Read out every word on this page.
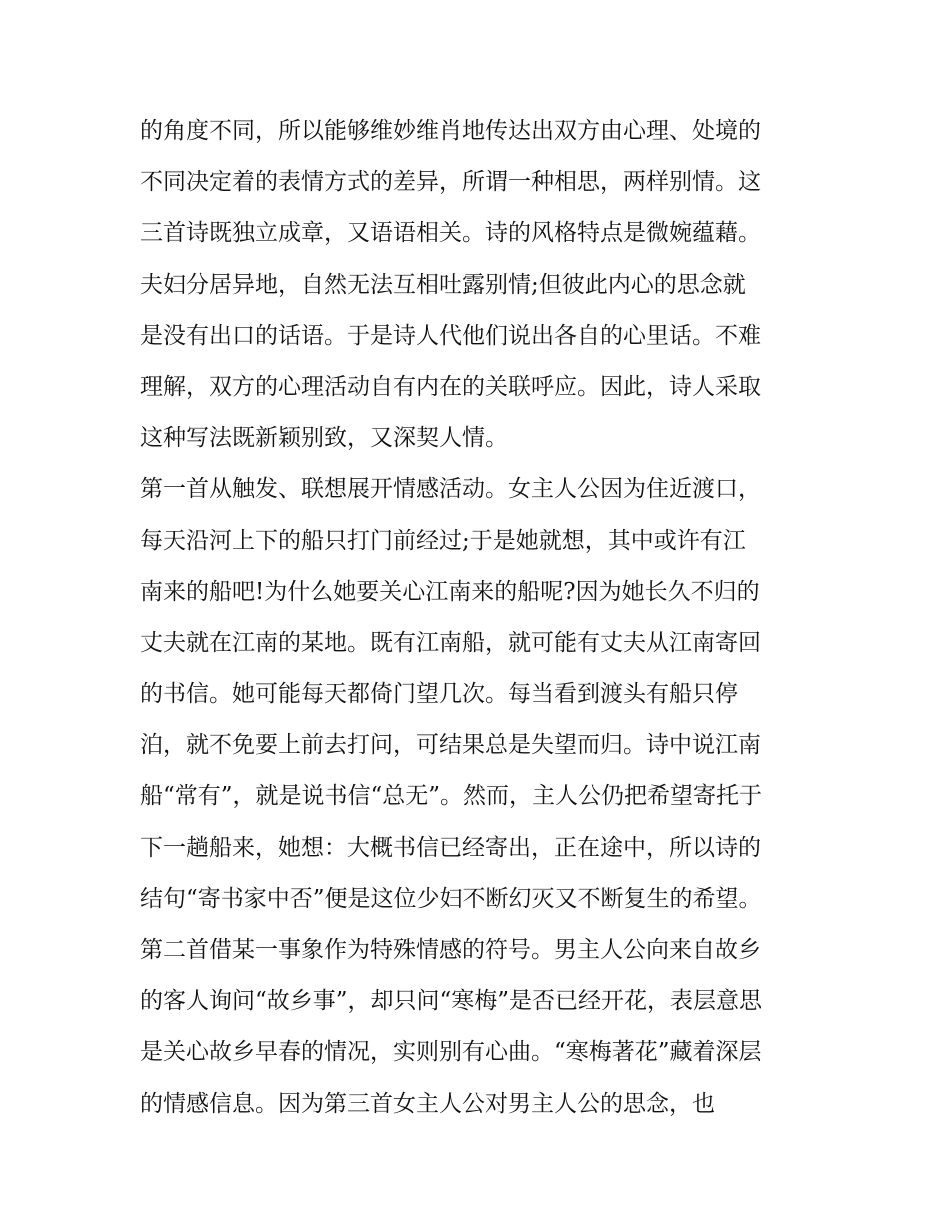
的角度不同，所以能够维妙维肖地传达出双方由心理、处境的
不同决定着的表情方式的差异，所谓一种相思，两样别情。这
三首诗既独立成章，又语语相关。诗的风格特点是微婉蕴藉。
夫妇分居异地，自然无法互相吐露别情;但彼此内心的思念就
是没有出口的话语。于是诗人代他们说出各自的心里话。不难
理解，双方的心理活动自有内在的关联呼应。因此，诗人采取
这种写法既新颖别致，又深契人情。
第一首从触发、联想展开情感活动。女主人公因为住近渡口，
每天沿河上下的船只打门前经过;于是她就想，其中或许有江
南来的船吧!为什么她要关心江南来的船呢?因为她长久不归的
丈夫就在江南的某地。既有江南船，就可能有丈夫从江南寄回
的书信。她可能每天都倚门望几次。每当看到渡头有船只停
泊，就不免要上前去打问，可结果总是失望而归。诗中说江南
船“常有”，就是说书信“总无”。然而，主人公仍把希望寄托于
下一趟船来，她想：大概书信已经寄出，正在途中，所以诗的
结句“寄书家中否”便是这位少妇不断幻灭又不断复生的希望。
第二首借某一事象作为特殊情感的符号。男主人公向来自故乡
的客人询问“故乡事”，却只问“寒梅”是否已经开花，表层意思
是关心故乡早春的情况，实则别有心曲。“寒梅著花”藏着深层
的情感信息。因为第三首女主人公对男主人公的思念，也
